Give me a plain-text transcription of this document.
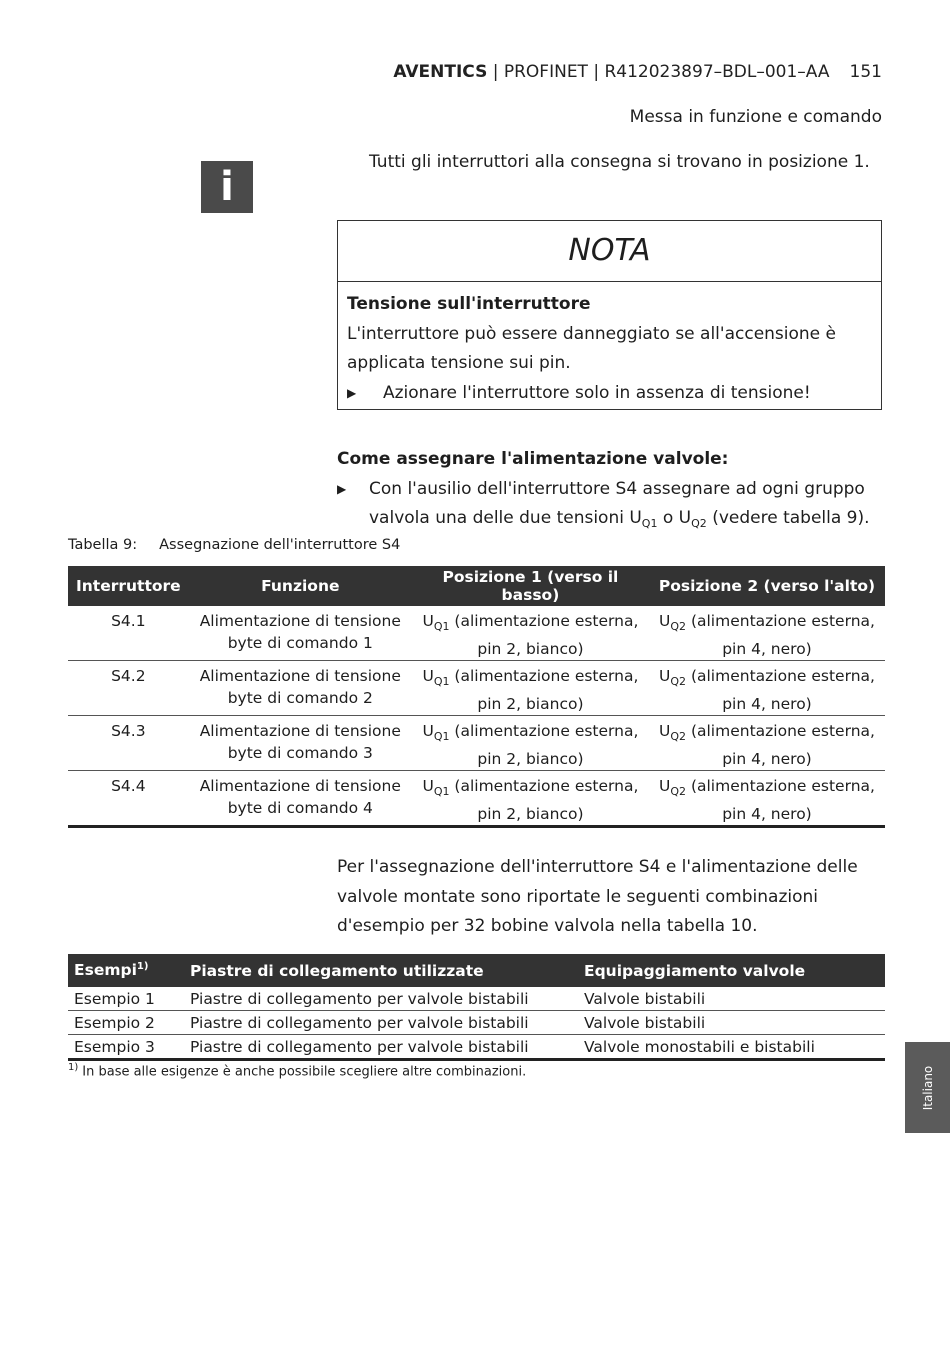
AVENTICS | PROFINET | R412023897–BDL–001–AA 151
Messa in funzione e comando
i
Tutti gli interruttori alla consegna si trovano in posizione 1.
NOTA
Tensione sull'interruttore
L'interruttore può essere danneggiato se all'accensione è applicata tensione sui pin.
▶	Azionare l'interruttore solo in assenza di tensione!
Come assegnare l'alimentazione valvole:
▶	Con l'ausilio dell'interruttore S4 assegnare ad ogni gruppo valvola una delle due tensioni $U_{Q1}$ o $U_{Q2}$ (vedere tabella 9).
Tabella 9: Assegnazione dell'interruttore S4
Interruttore	Funzione	Posizione 1 (verso il basso)	Posizione 2 (verso l'alto)
S4.1	Alimentazione di tensione byte di comando 1	$U_{Q1}$ (alimentazione esterna, pin 2, bianco)	$U_{Q2}$ (alimentazione esterna, pin 4, nero)
S4.2	Alimentazione di tensione byte di comando 2	$U_{Q1}$ (alimentazione esterna, pin 2, bianco)	$U_{Q2}$ (alimentazione esterna, pin 4, nero)
S4.3	Alimentazione di tensione byte di comando 3	$U_{Q1}$ (alimentazione esterna, pin 2, bianco)	$U_{Q2}$ (alimentazione esterna, pin 4, nero)
S4.4	Alimentazione di tensione byte di comando 4	$U_{Q1}$ (alimentazione esterna, pin 2, bianco)	$U_{Q2}$ (alimentazione esterna, pin 4, nero)
Per l'assegnazione dell'interruttore S4 e l'alimentazione delle valvole montate sono riportate le seguenti combinazioni d'esempio per 32 bobine valvola nella tabella 10.
Esempi$^{1)}$	Piastre di collegamento utilizzate	Equipaggiamento valvole
Esempio 1	Piastre di collegamento per valvole bistabili	Valvole bistabili
Esempio 2	Piastre di collegamento per valvole bistabili	Valvole bistabili
Esempio 3	Piastre di collegamento per valvole bistabili	Valvole monostabili e bistabili
$^{1)}$ In base alle esigenze è anche possibile scegliere altre combinazioni.	Italiano
